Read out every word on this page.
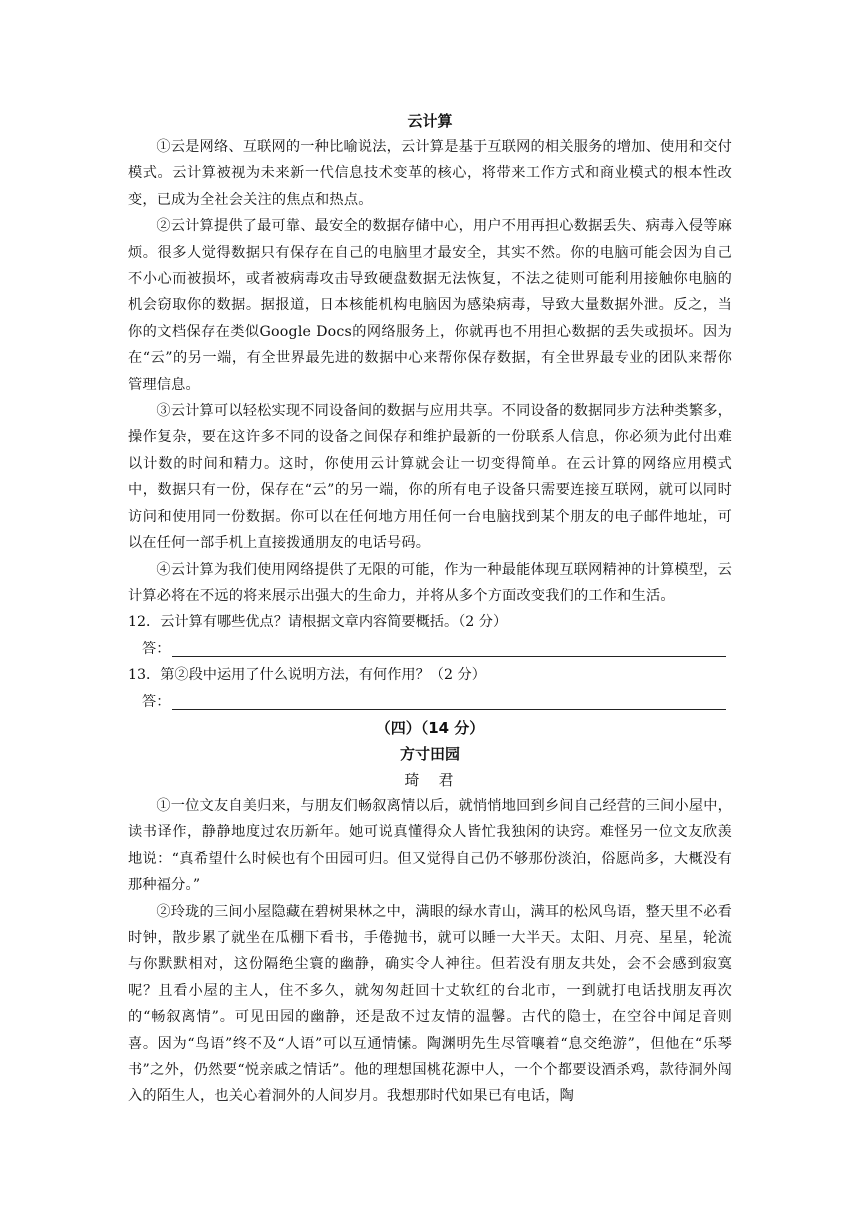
云计算

①云是网络、互联网的一种比喻说法，云计算是基于互联网的相关服务的增加、使用和交付模式。云计算被视为未来新一代信息技术变革的核心，将带来工作方式和商业模式的根本性改变，已成为全社会关注的焦点和热点。

②云计算提供了最可靠、最安全的数据存储中心，用户不用再担心数据丢失、病毒入侵等麻烦。很多人觉得数据只有保存在自己的电脑里才最安全，其实不然。你的电脑可能会因为自己不小心而被损坏，或者被病毒攻击导致硬盘数据无法恢复，不法之徒则可能利用接触你电脑的机会窃取你的数据。据报道，日本核能机构电脑因为感染病毒，导致大量数据外泄。反之，当你的文档保存在类似Google Docs的网络服务上，你就再也不用担心数据的丢失或损坏。因为在“云”的另一端，有全世界最先进的数据中心来帮你保存数据，有全世界最专业的团队来帮你管理信息。

③云计算可以轻松实现不同设备间的数据与应用共享。不同设备的数据同步方法种类繁多，操作复杂，要在这许多不同的设备之间保存和维护最新的一份联系人信息，你必须为此付出难以计数的时间和精力。这时，你使用云计算就会让一切变得简单。在云计算的网络应用模式中，数据只有一份，保存在“云”的另一端，你的所有电子设备只需要连接互联网，就可以同时访问和使用同一份数据。你可以在任何地方用任何一台电脑找到某个朋友的电子邮件地址，可以在任何一部手机上直接拨通朋友的电话号码。

④云计算为我们使用网络提供了无限的可能，作为一种最能体现互联网精神的计算模型，云计算必将在不远的将来展示出强大的生命力，并将从多个方面改变我们的工作和生活。

12．云计算有哪些优点？请根据文章内容简要概括。（2 分）

答：

13．第②段中运用了什么说明方法，有何作用？（2 分）

答：
（四）（14 分）
方寸田园
琦　君

①一位文友自美归来，与朋友们畅叙离情以后，就悄悄地回到乡间自己经营的三间小屋中，读书译作，静静地度过农历新年。她可说真懂得众人皆忙我独闲的诀窍。难怪另一位文友欣羡地说：“真希望什么时候也有个田园可归。但又觉得自己仍不够那份淡泊，俗愿尚多，大概没有那种福分。”

②玲珑的三间小屋隐藏在碧树果林之中，满眼的绿水青山，满耳的松风鸟语，整天里不必看时钟，散步累了就坐在瓜棚下看书，手倦抛书，就可以睡一大半天。太阳、月亮、星星，轮流与你默默相对，这份隔绝尘寰的幽静，确实令人神往。但若没有朋友共处，会不会感到寂寞呢？且看小屋的主人，住不多久，就匆匆赶回十丈软红的台北市，一到就打电话找朋友再次的“畅叙离情”。可见田园的幽静，还是敌不过友情的温馨。古代的隐士，在空谷中闻足音则喜。因为“鸟语”终不及“人语”可以互通情愫。陶渊明先生尽管嚷着“息交绝游”，但他在“乐琴书”之外，仍然要“悦亲戚之情话”。他的理想国桃花源中人，一个个都要设酒杀鸡，款待洞外闯入的陌生人，也关心着洞外的人间岁月。我想那时代如果已有电话，陶
